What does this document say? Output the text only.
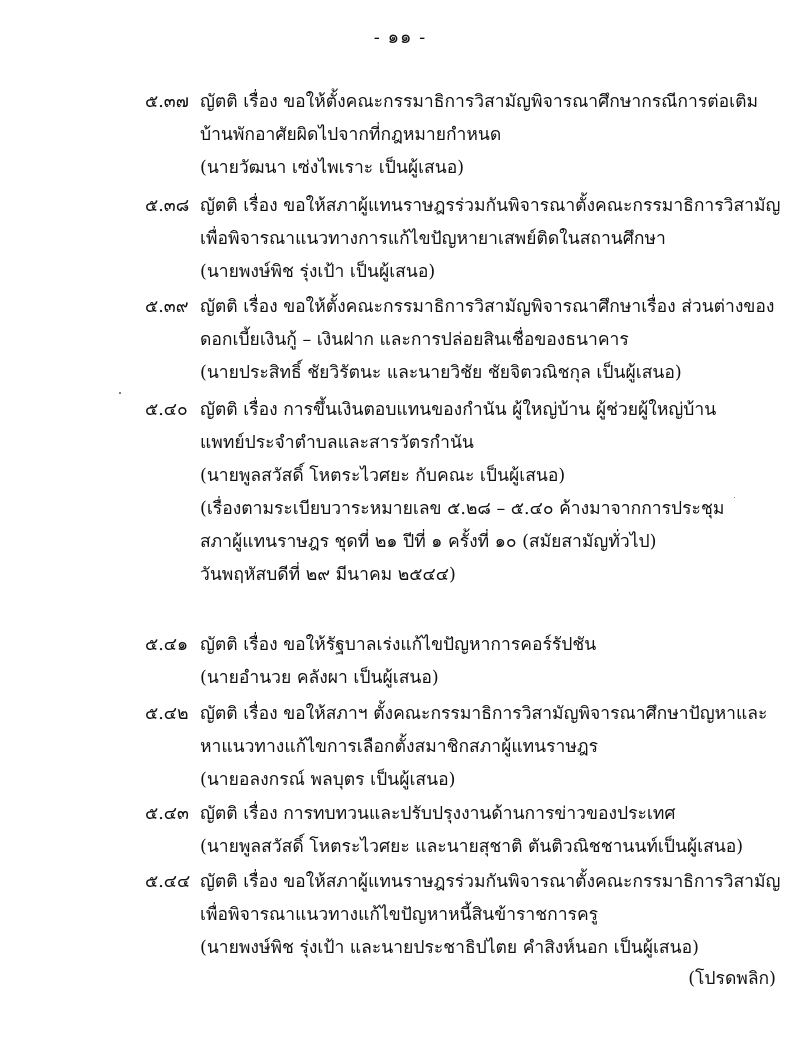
- ๑๑ -
๕.๓๗ ญัตติ เรื่อง ขอให้ตั้งคณะกรรมาธิการวิสามัญพิจารณาศึกษากรณีการต่อเติม
บ้านพักอาศัยผิดไปจากที่กฎหมายกำหนด
(นายวัฒนา เซ่งไพเราะ เป็นผู้เสนอ)
๕.๓๘ ญัตติ เรื่อง ขอให้สภาผู้แทนราษฎรร่วมกันพิจารณาตั้งคณะกรรมาธิการวิสามัญ
เพื่อพิจารณาแนวทางการแก้ไขปัญหายาเสพย์ติดในสถานศึกษา
(นายพงษ์พิช รุ่งเป้า เป็นผู้เสนอ)
๕.๓๙ ญัตติ เรื่อง ขอให้ตั้งคณะกรรมาธิการวิสามัญพิจารณาศึกษาเรื่อง ส่วนต่างของ
ดอกเบี้ยเงินกู้ – เงินฝาก และการปล่อยสินเชื่อของธนาคาร
(นายประสิทธิ์ ชัยวิรัตนะ และนายวิชัย ชัยจิตวณิชกุล เป็นผู้เสนอ)
๕.๔๐ ญัตติ เรื่อง การขึ้นเงินตอบแทนของกำนัน ผู้ใหญ่บ้าน ผู้ช่วยผู้ใหญ่บ้าน
แพทย์ประจำตำบลและสารวัตรกำนัน
(นายพูลสวัสดิ์ โหตระไวศยะ กับคณะ เป็นผู้เสนอ)
(เรื่องตามระเบียบวาระหมายเลข ๕.๒๘ – ๕.๔๐ ค้างมาจากการประชุม
สภาผู้แทนราษฎร ชุดที่ ๒๑ ปีที่ ๑ ครั้งที่ ๑๐ (สมัยสามัญทั่วไป)
วันพฤหัสบดีที่ ๒๙ มีนาคม ๒๕๔๔)
๕.๔๑ ญัตติ เรื่อง ขอให้รัฐบาลเร่งแก้ไขปัญหาการคอร์รัปชัน
(นายอำนวย คลังผา เป็นผู้เสนอ)
๕.๔๒ ญัตติ เรื่อง ขอให้สภาฯ ตั้งคณะกรรมาธิการวิสามัญพิจารณาศึกษาปัญหาและ
หาแนวทางแก้ไขการเลือกตั้งสมาชิกสภาผู้แทนราษฎร
(นายอลงกรณ์ พลบุตร เป็นผู้เสนอ)
๕.๔๓ ญัตติ เรื่อง การทบทวนและปรับปรุงงานด้านการข่าวของประเทศ
(นายพูลสวัสดิ์ โหตระไวศยะ และนายสุชาติ ตันติวณิชชานนท์เป็นผู้เสนอ)
๕.๔๔ ญัตติ เรื่อง ขอให้สภาผู้แทนราษฎรร่วมกันพิจารณาตั้งคณะกรรมาธิการวิสามัญ
เพื่อพิจารณาแนวทางแก้ไขปัญหาหนี้สินข้าราชการครู
(นายพงษ์พิช รุ่งเป้า และนายประชาธิปไตย คำสิงห์นอก เป็นผู้เสนอ)
(โปรดพลิก)
